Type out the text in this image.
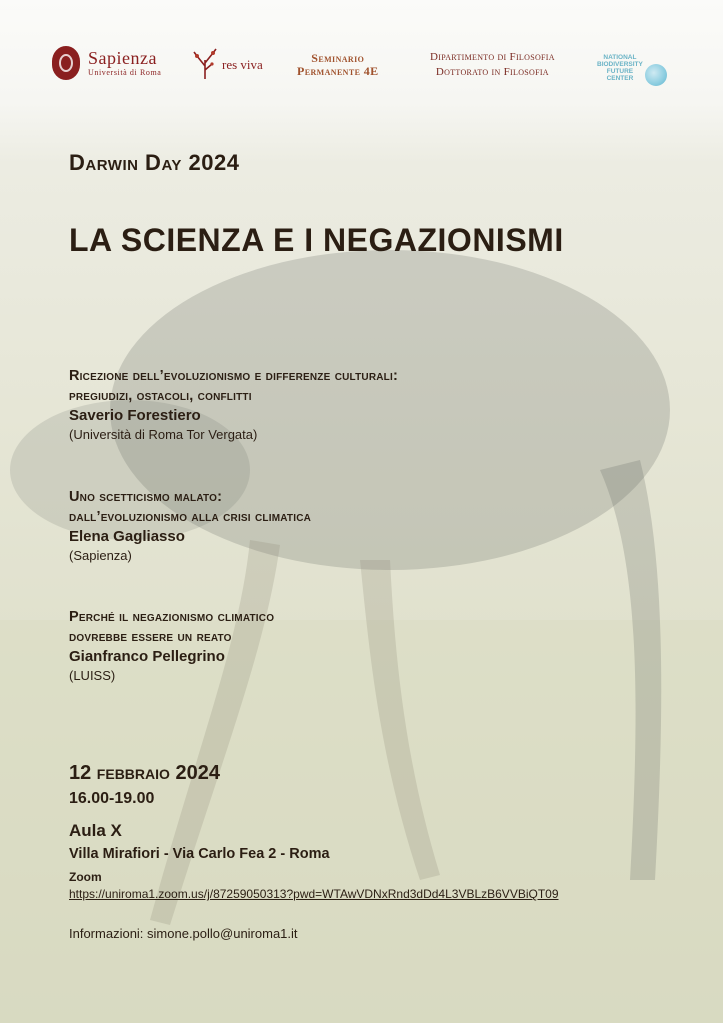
Sapienza
Università di Roma
res viva	Seminario
Permanente 4E
Dipartimento di Filosofia
Dottorato in Filosofia
NATIONAL
BIODIVERSITY
FUTURE
CENTER
Darwin Day 2024
LA SCIENZA E I NEGAZIONISMI
Ricezione dell’evoluzionismo e differenze culturali:
pregiudizi, ostacoli, conflitti
Saverio Forestiero
(Università di Roma Tor Vergata)
Uno scetticismo malato:
dall’evoluzionismo alla crisi climatica
Elena Gagliasso
(Sapienza)
Perché il negazionismo climatico
dovrebbe essere un reato
Gianfranco Pellegrino
(LUISS)
12 febbraio 2024
16.00-19.00
Aula X
Villa Mirafiori - Via Carlo Fea 2 - Roma
Zoom
https://uniroma1.zoom.us/j/87259050313?pwd=WTAwVDNxRnd3dDd4L3VBLzB6VVBiQT09
Informazioni: simone.pollo@uniroma1.it
